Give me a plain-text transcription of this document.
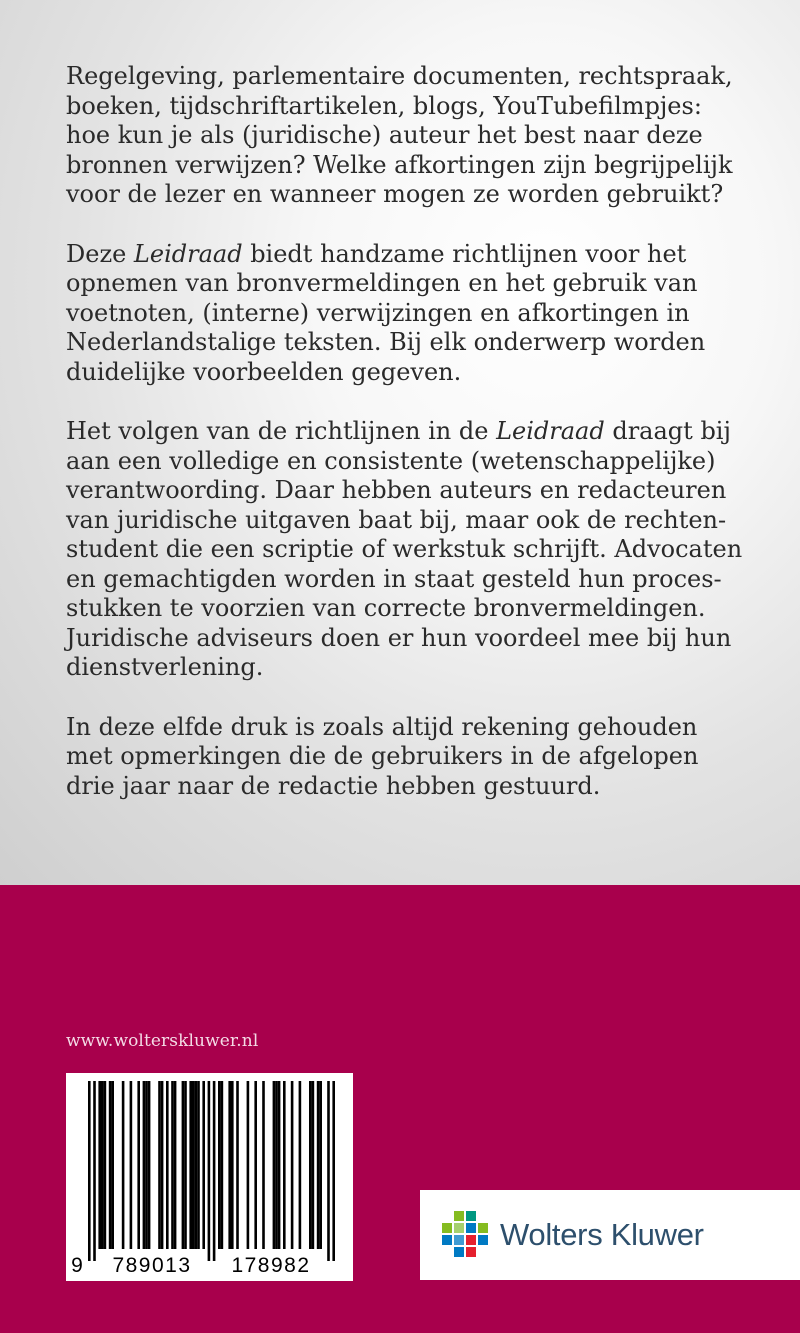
Regelgeving, parlementaire documenten, rechtspraak,
boeken, tijdschriftartikelen, blogs, YouTubefilmpjes:
hoe kun je als (juridische) auteur het best naar deze
bronnen verwijzen? Welke afkortingen zijn begrijpelijk
voor de lezer en wanneer mogen ze worden gebruikt?

Deze Leidraad biedt handzame richtlijnen voor het
opnemen van bronvermeldingen en het gebruik van
voetnoten, (interne) verwijzingen en afkortingen in
Nederlandstalige teksten. Bij elk onderwerp worden
duidelijke voorbeelden gegeven.

Het volgen van de richtlijnen in de Leidraad draagt bij
aan een volledige en consistente (wetenschappelijke)
verantwoording. Daar hebben auteurs en redacteuren
van juridische uitgaven baat bij, maar ook de rechten-
student die een scriptie of werkstuk schrijft. Advocaten
en gemachtigden worden in staat gesteld hun proces-
stukken te voorzien van correcte bronvermeldingen.
Juridische adviseurs doen er hun voordeel mee bij hun
dienstverlening.

In deze elfde druk is zoals altijd rekening gehouden
met opmerkingen die de gebruikers in de afgelopen
drie jaar naar de redactie hebben gestuurd.

www.wolterskluwer.nl
9 789013 178982
Wolters Kluwer
